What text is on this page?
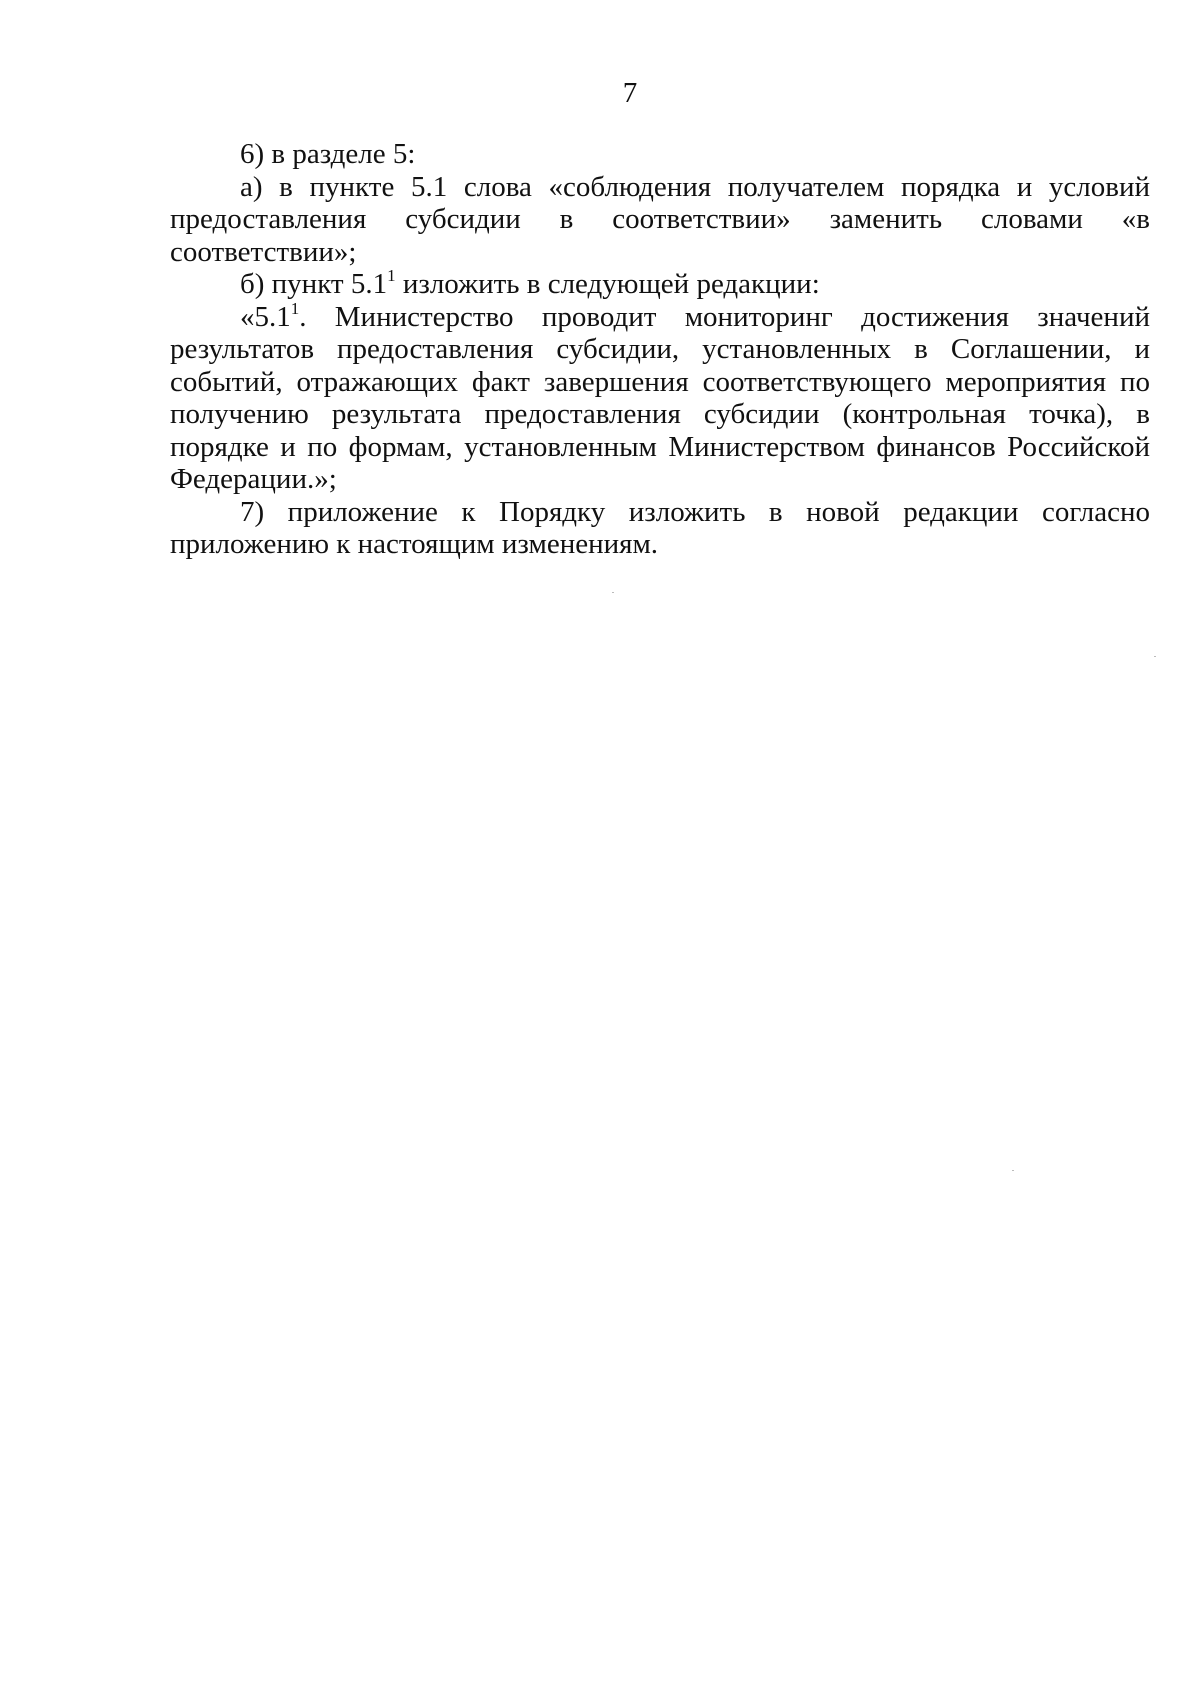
7

6) в разделе 5:

а) в пункте 5.1 слова «соблюдения получателем порядка и условий предоставления субсидии в соответствии» заменить словами «в соответствии»;

б) пункт $5.1^1$ изложить в следующей редакции:

«$5.1^1$. Министерство проводит мониторинг достижения значений результатов предоставления субсидии, установленных в Соглашении, и событий, отражающих факт завершения соответствующего мероприятия по получению результата предоставления субсидии (контрольная точка), в порядке и по формам, установленным Министерством финансов Российской Федерации.»;

7) приложение к Порядку изложить в новой редакции согласно приложению к настоящим изменениям.
